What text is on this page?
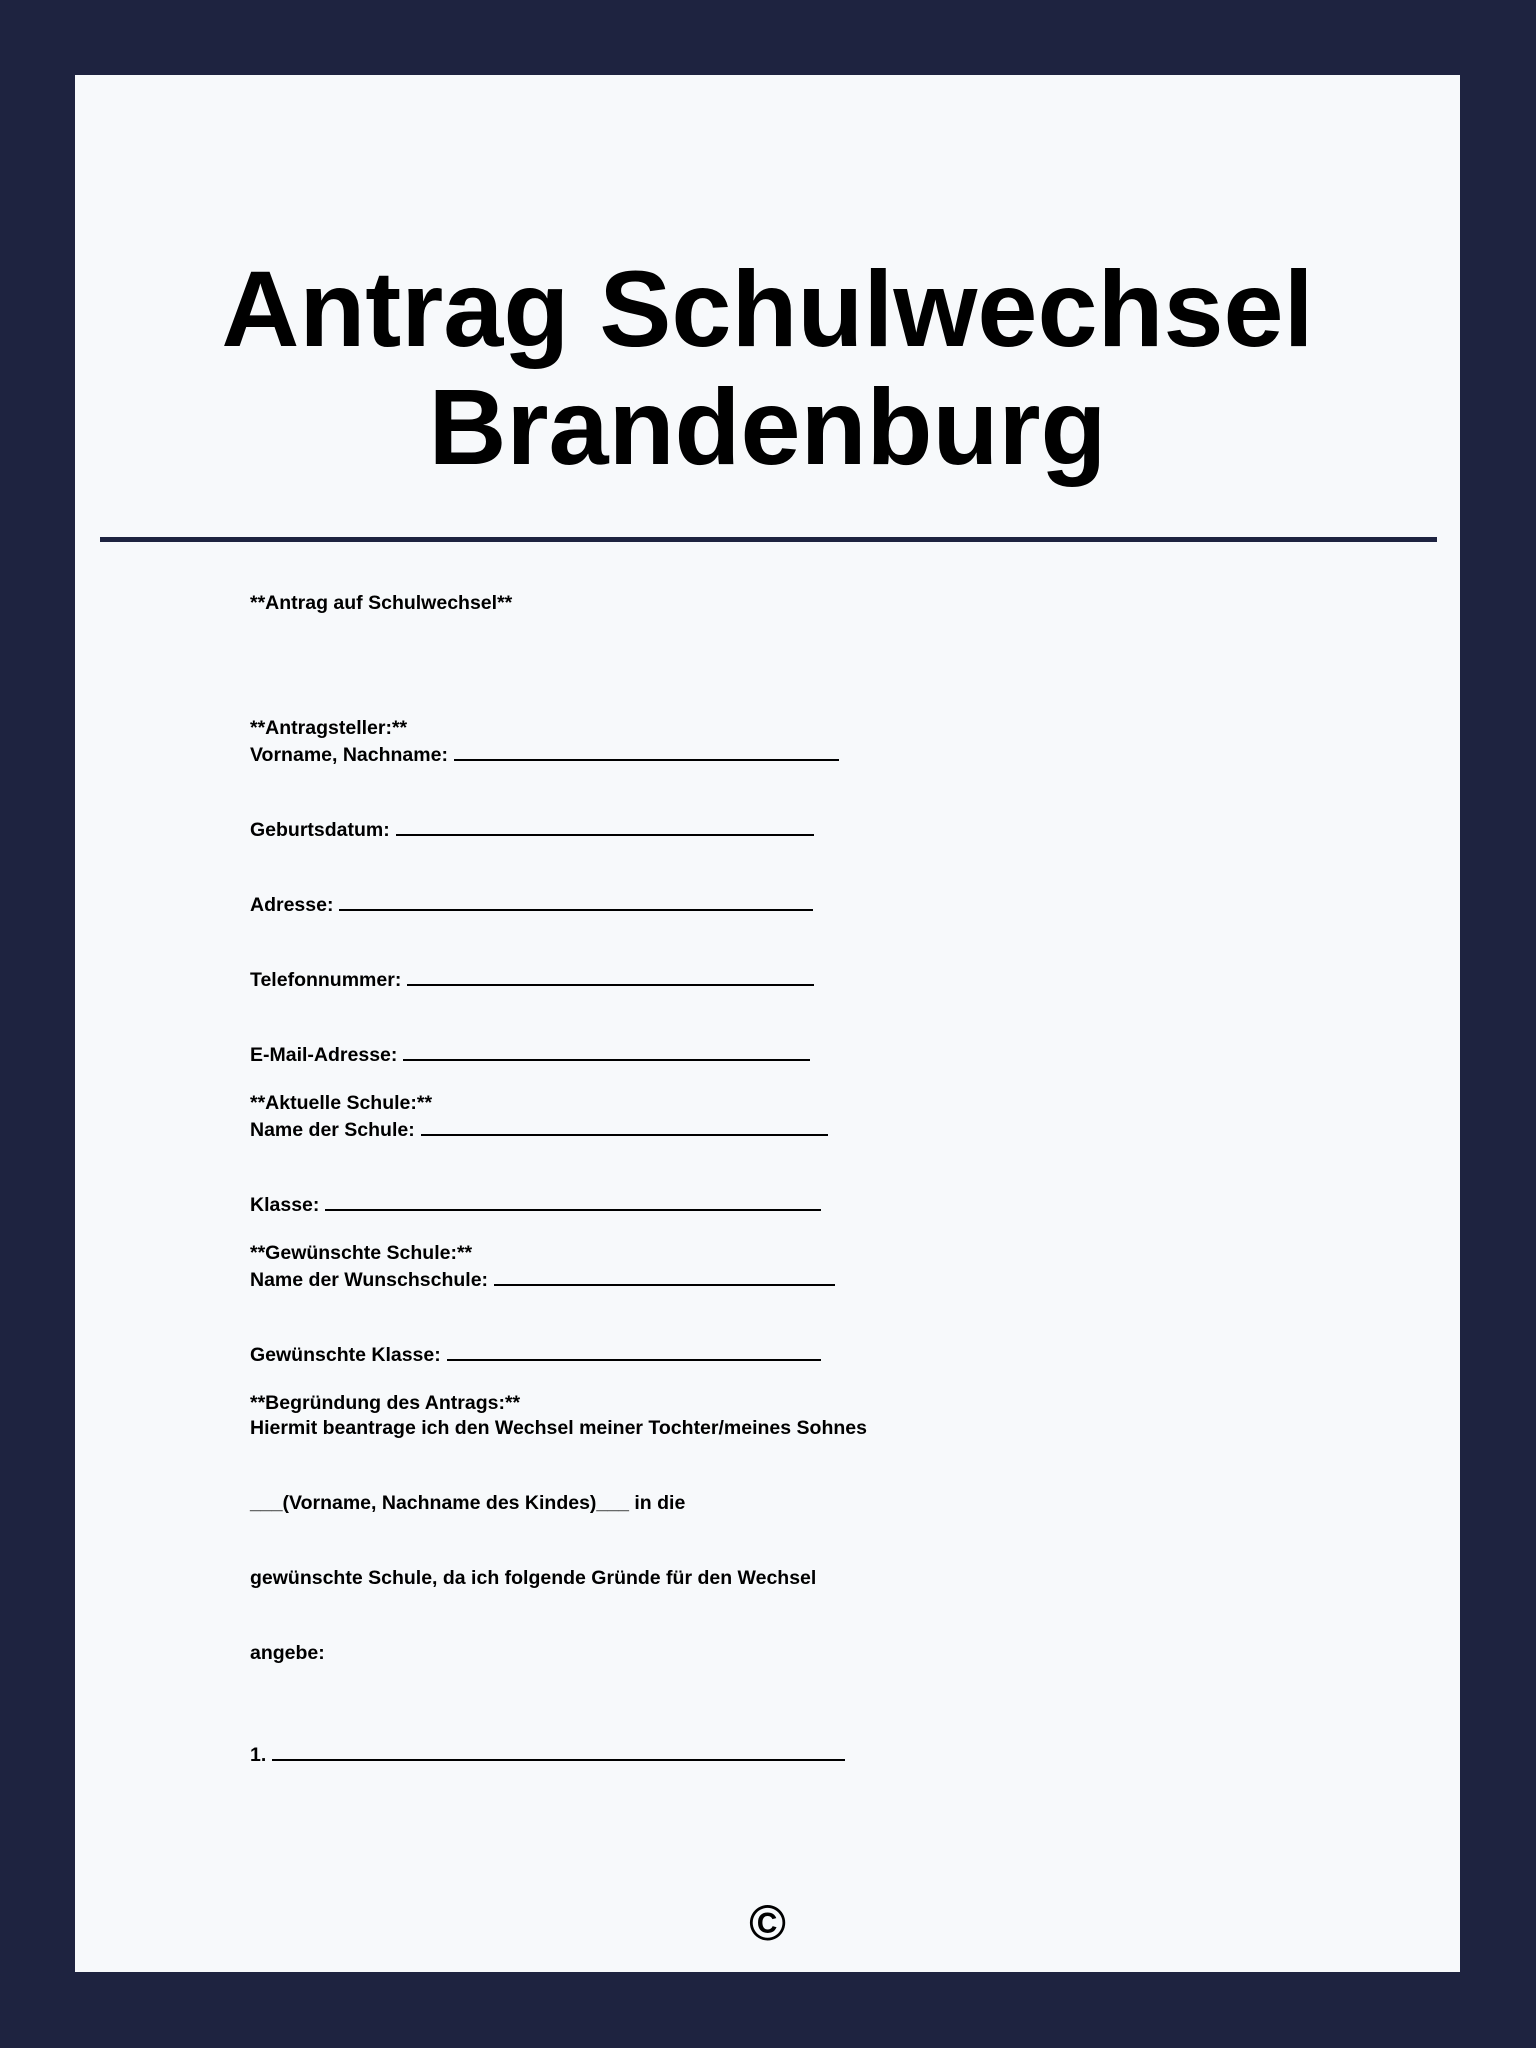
Antrag Schulwechsel
Brandenburg

**Antrag auf Schulwechsel**

**Antragsteller:**

Vorname, Nachname:

Geburtsdatum:

Adresse:

Telefonnummer:

E-Mail-Adresse:

**Aktuelle Schule:**

Name der Schule:

Klasse:

**Gewünschte Schule:**

Name der Wunschschule:

Gewünschte Klasse:

**Begründung des Antrags:**

Hiermit beantrage ich den Wechsel meiner Tochter/meines Sohnes

___(Vorname, Nachname des Kindes)___ in die

gewünschte Schule, da ich folgende Gründe für den Wechsel

angebe:

1.

©
